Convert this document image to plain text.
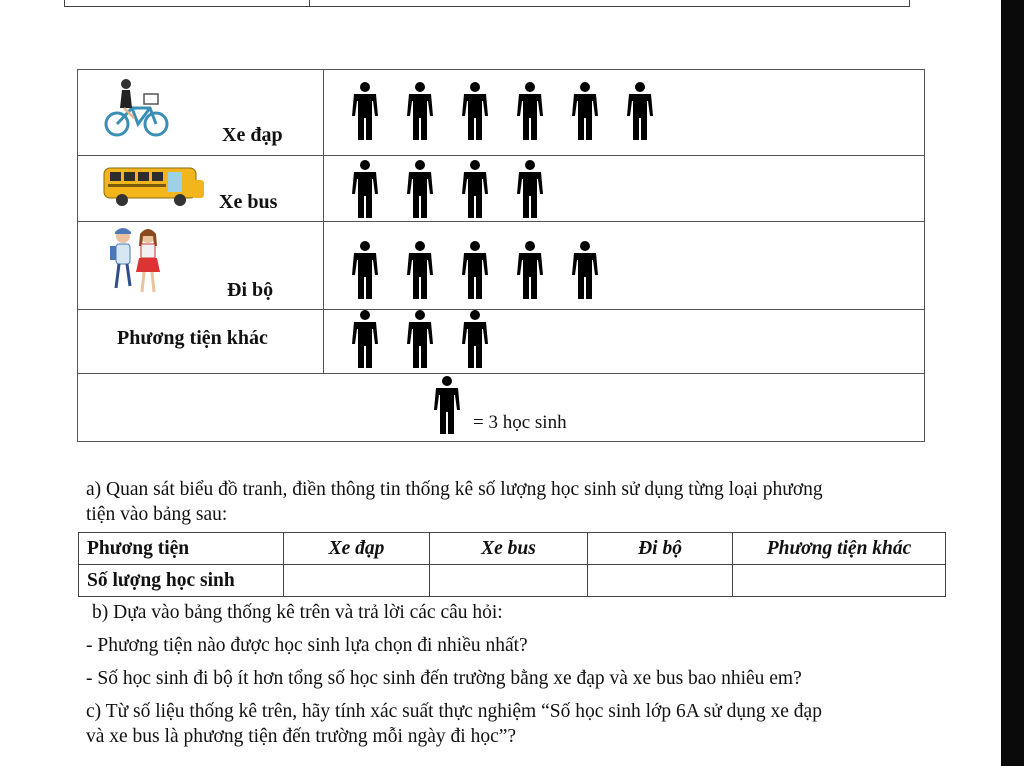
Xe đạp

Xe bus

Đi bộ

Phương tiện khác

= 3 học sinh	
a) Quan sát biểu đồ tranh, điền thông tin thống kê số lượng học sinh sử dụng từng loại phương
tiện vào bảng sau:
Phương tiện	Xe đạp	Xe bus	Đi bộ	Phương tiện khác
Số lượng học sinh				
b) Dựa vào bảng thống kê trên và trả lời các câu hỏi:
- Phương tiện nào được học sinh lựa chọn đi nhiều nhất?
- Số học sinh đi bộ ít hơn tổng số học sinh đến trường bằng xe đạp và xe bus bao nhiêu em?
c) Từ số liệu thống kê trên, hãy tính xác suất thực nghiệm “Số học sinh lớp 6A sử dụng xe đạp
và xe bus là phương tiện đến trường mỗi ngày đi học”?
